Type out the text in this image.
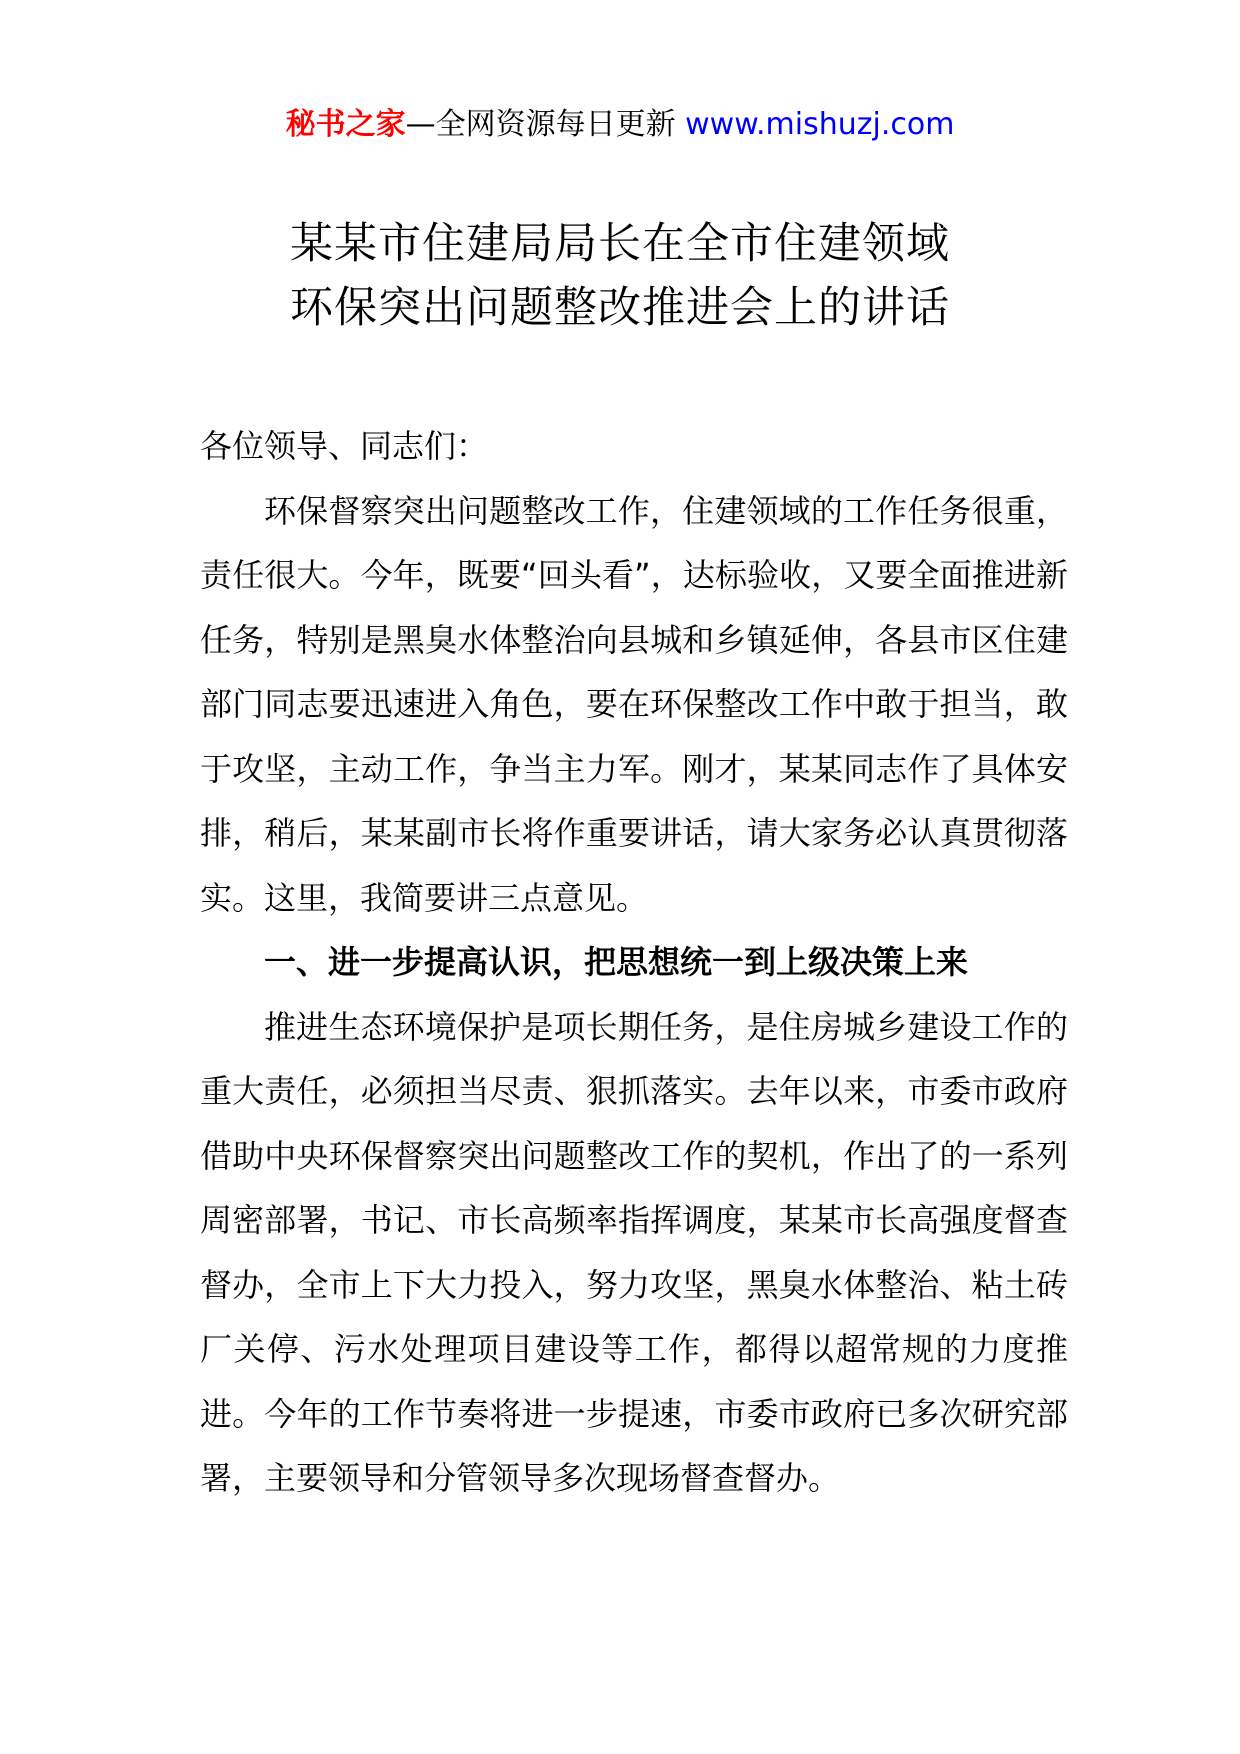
秘书之家—全网资源每日更新 www.mishuzj.com
某某市住建局局长在全市住建领域
环保突出问题整改推进会上的讲话

各位领导、同志们：

环保督察突出问题整改工作，住建领域的工作任务很重，责任很大。今年，既要“回头看”，达标验收，又要全面推进新任务，特别是黑臭水体整治向县城和乡镇延伸，各县市区住建部门同志要迅速进入角色，要在环保整改工作中敢于担当，敢于攻坚，主动工作，争当主力军。刚才，某某同志作了具体安排，稍后，某某副市长将作重要讲话，请大家务必认真贯彻落实。这里，我简要讲三点意见。

一、进一步提高认识，把思想统一到上级决策上来

推进生态环境保护是项长期任务，是住房城乡建设工作的重大责任，必须担当尽责、狠抓落实。去年以来，市委市政府借助中央环保督察突出问题整改工作的契机，作出了的一系列周密部署，书记、市长高频率指挥调度，某某市长高强度督查督办，全市上下大力投入，努力攻坚，黑臭水体整治、粘土砖厂关停、污水处理项目建设等工作，都得以超常规的力度推进。今年的工作节奏将进一步提速，市委市政府已多次研究部署，主要领导和分管领导多次现场督查督办。
